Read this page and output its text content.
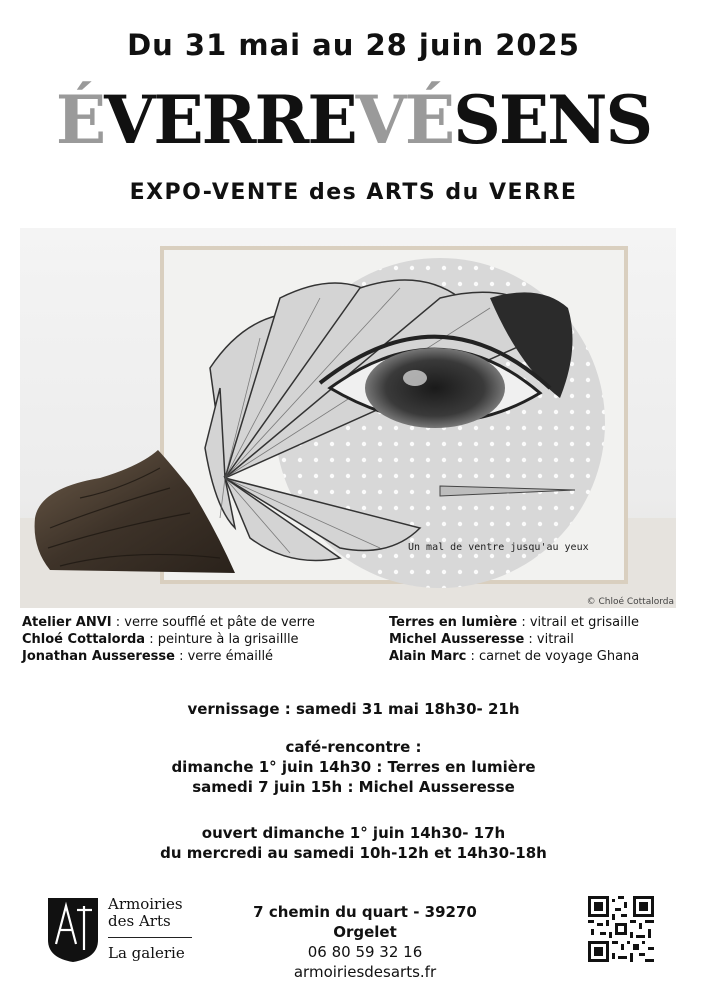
Du 31 mai au 28 juin 2025
ÉVERREVÉSENS
EXPO-VENTE des ARTS du VERRE
Un mal de ventre jusqu'au yeux
© Chloé Cottalorda
Atelier ANVI : verre soufflé et pâte de verre
Chloé Cottalorda : peinture à la grisaillle
Jonathan Ausseresse : verre émaillé
Terres en lumière : vitrail et grisaille
Michel Ausseresse : vitrail
Alain Marc : carnet de voyage Ghana
vernissage : samedi 31 mai 18h30- 21h
café-rencontre :
dimanche 1° juin 14h30 : Terres en lumière
samedi 7 juin 15h : Michel Ausseresse
ouvert dimanche 1° juin 14h30- 17h
du mercredi au samedi 10h-12h et 14h30-18h
Armoiries
des Arts
La galerie
7 chemin du quart - 39270 Orgelet
06 80 59 32 16
armoiriesdesarts.fr
